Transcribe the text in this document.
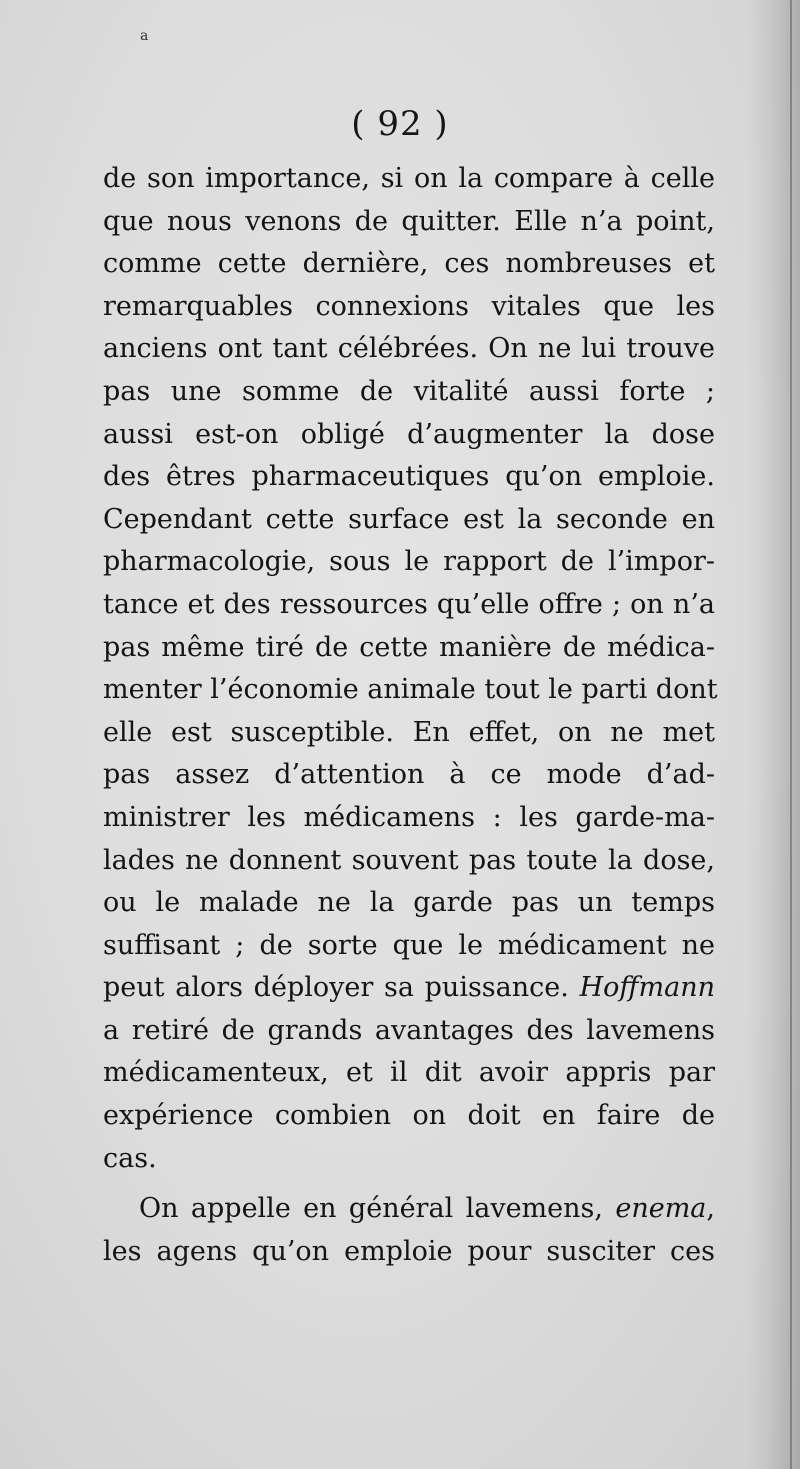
a
( 92 )
de son importance, si on la compare à celle
que nous venons de quitter. Elle n’a point,
comme cette dernière, ces nombreuses et
remarquables connexions vitales que les
anciens ont tant célébrées. On ne lui trouve
pas une somme de vitalité aussi forte ;
aussi est-on obligé d’augmenter la dose
des êtres pharmaceutiques qu’on emploie.
Cependant cette surface est la seconde en
pharmacologie, sous le rapport de l’impor-
tance et des ressources qu’elle offre ; on n’a
pas même tiré de cette manière de médica-
menter l’économie animale tout le parti dont
elle est susceptible. En effet, on ne met
pas assez d’attention à ce mode d’ad-
ministrer les médicamens : les garde-ma-
lades ne donnent souvent pas toute la dose,
ou le malade ne la garde pas un temps
suffisant ; de sorte que le médicament ne
peut alors déployer sa puissance. Hoffmann
a retiré de grands avantages des lavemens
médicamenteux, et il dit avoir appris par
expérience combien on doit en faire de
cas.
On appelle en général lavemens, enema,
les agens qu’on emploie pour susciter ces
